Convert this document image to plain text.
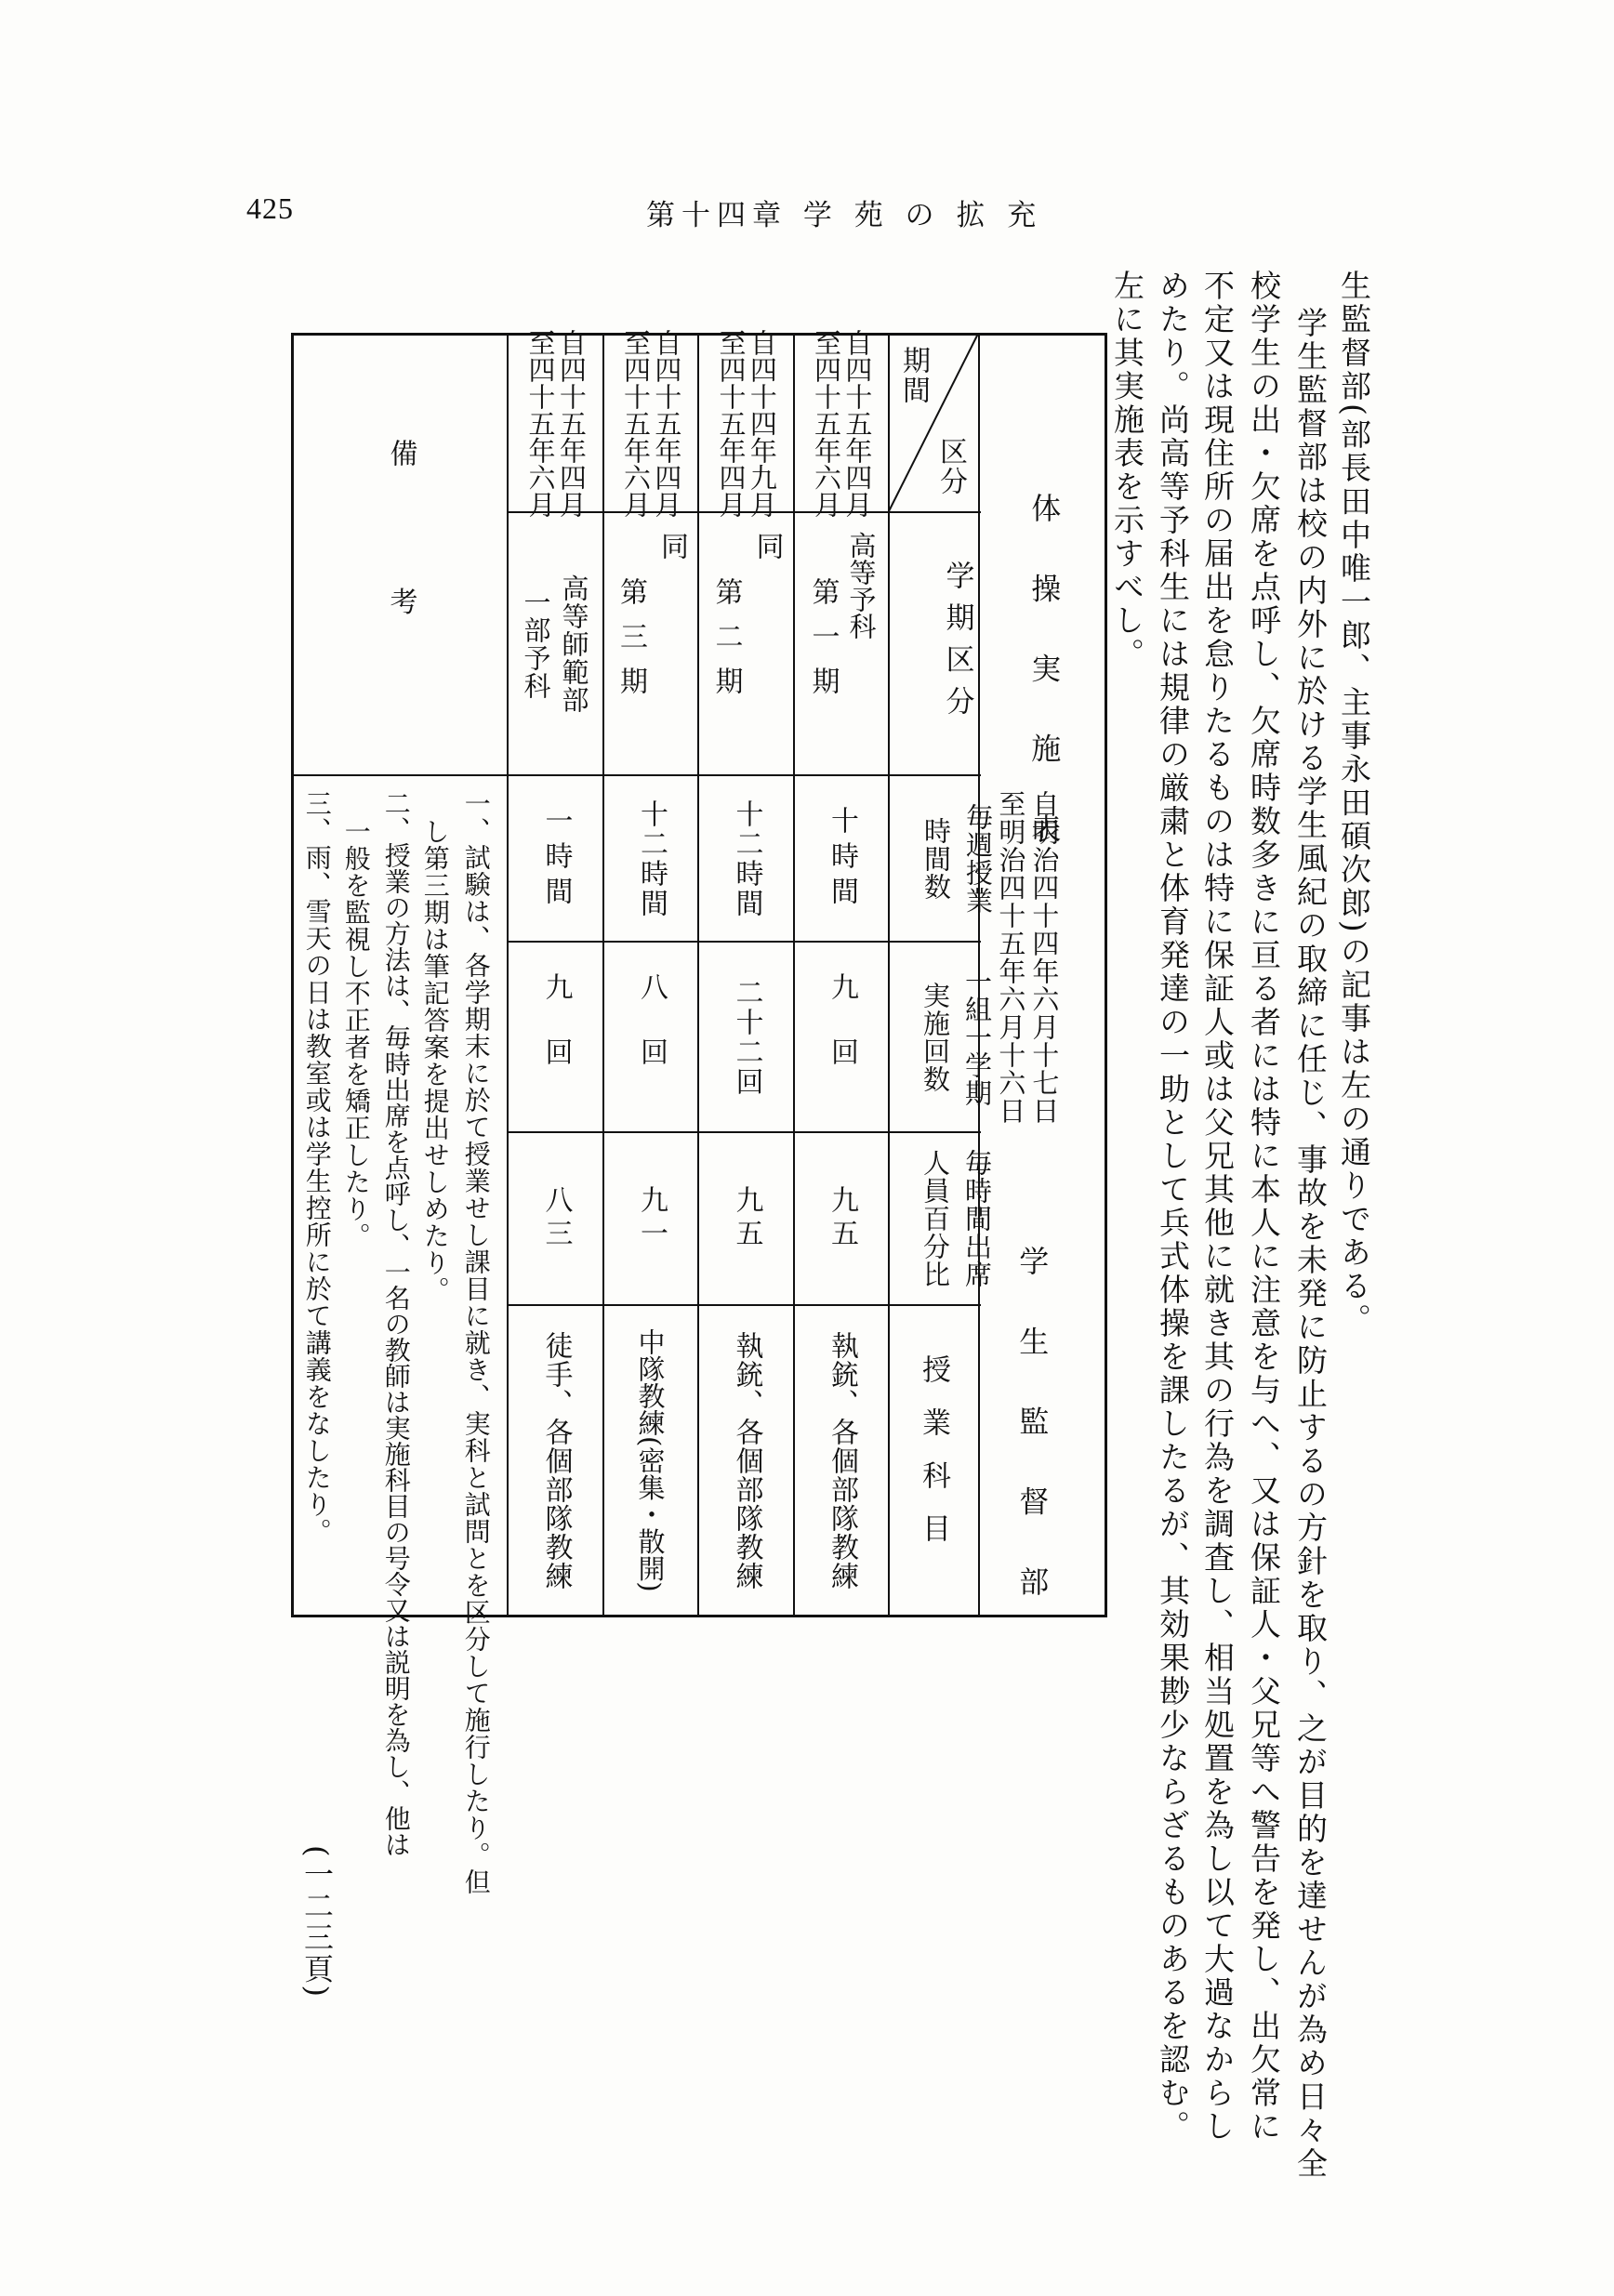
425	第十四章 学 苑 の 拡 充
生監督部(部長田中唯一郎、主事永田碩次郎)の記事は左の通りである。
学生監督部は校の内外に於ける学生風紀の取締に任じ、事故を未発に防止するの方針を取り、之が目的を達せんが為め日々全
校学生の出・欠席を点呼し、欠席時数多きに亘る者には特に本人に注意を与へ、又は保証人・父兄等へ警告を発し、出欠常に
不定又は現住所の届出を怠りたるものは特に保証人或は父兄其他に就き其の行為を調査し、相当処置を為し以て大過なからし
めたり。尚高等予科生には規律の厳粛と体育発達の一助として兵式体操を課したるが、其効果尠少ならざるものあるを認む。
左に其実施表を示すべし。
期間
区分
体 操 実 施 表
自明治四十四年六月十七日
至明治四十五年六月十六日
学 生 監 督 部
学期区分
毎週授業
時間数
一組一学期
実施回数
毎時間出席
人員百分比
授業科目
自四十五年四月
至四十五年六月
高等予科
第一期
十時間
九回
九五
執銃、各個部隊教練
自四十四年九月
至四十五年四月
同
第二期
十二時間
二十二回
九五
執銃、各個部隊教練
自四十五年四月
至四十五年六月
同
第三期
十二時間
八回
九一
中隊教練(密集・散開)
自四十五年四月
至四十五年六月
高等師範部
一部予科
一時間
九回
八三
徒手、各個部隊教練
備 考
一、試験は、各学期末に於て授業せし課目に就き、実科と試問とを区分して施行したり。但
し第三期は筆記答案を提出せしめたり。
二、授業の方法は、毎時出席を点呼し、一名の教師は実施科目の号令又は説明を為し、他は
一般を監視し不正者を矯正したり。
三、雨、雪天の日は教室或は学生控所に於て講義をなしたり。
(一二三頁)
